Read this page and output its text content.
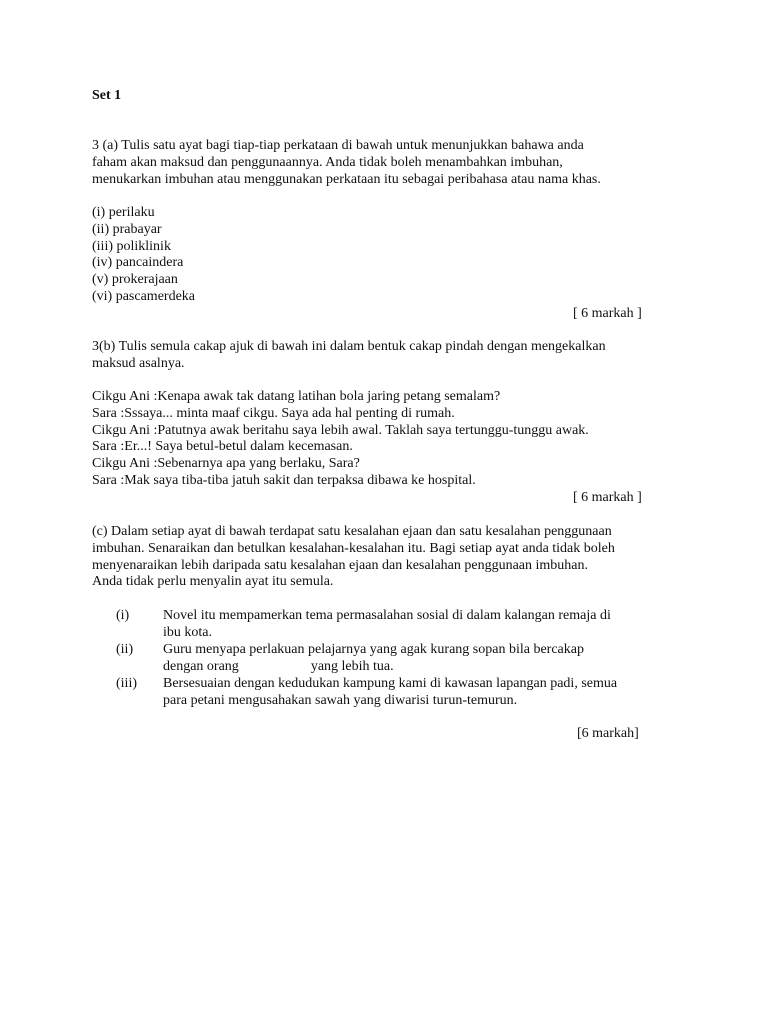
Set 1
3 (a) Tulis satu ayat bagi tiap-tiap perkataan di bawah untuk menunjukkan bahawa anda
faham akan maksud dan penggunaannya. Anda tidak boleh menambahkan imbuhan,
menukarkan imbuhan atau menggunakan perkataan itu sebagai peribahasa atau nama khas.
(i) perilaku
(ii) prabayar
(iii) poliklinik
(iv) pancaindera
(v) prokerajaan
(vi) pascamerdeka
[ 6 markah ]
3(b) Tulis semula cakap ajuk di bawah ini dalam bentuk cakap pindah dengan mengekalkan
maksud asalnya.
Cikgu Ani :Kenapa awak tak datang latihan bola jaring petang semalam?
Sara :Sssaya... minta maaf cikgu. Saya ada hal penting di rumah.
Cikgu Ani :Patutnya awak beritahu saya lebih awal. Taklah saya tertunggu-tunggu awak.
Sara :Er...! Saya betul-betul dalam kecemasan.
Cikgu Ani :Sebenarnya apa yang berlaku, Sara?
Sara :Mak saya tiba-tiba jatuh sakit dan terpaksa dibawa ke hospital.
[ 6 markah ]
(c) Dalam setiap ayat di bawah terdapat satu kesalahan ejaan dan satu kesalahan penggunaan
imbuhan. Senaraikan dan betulkan kesalahan-kesalahan itu. Bagi setiap ayat anda tidak boleh
menyenaraikan lebih daripada satu kesalahan ejaan dan kesalahan penggunaan imbuhan.
Anda tidak perlu menyalin ayat itu semula.
(i) Novel itu mempamerkan tema permasalahan sosial di dalam kalangan remaja di
ibu kota.
(ii) Guru menyapa perlakuan pelajarnya yang agak kurang sopan bila bercakap
dengan orang	yang lebih tua.
(iii) Bersesuaian dengan kedudukan kampung kami di kawasan lapangan padi, semua
para petani mengusahakan sawah yang diwarisi turun-temurun.
[6 markah]
